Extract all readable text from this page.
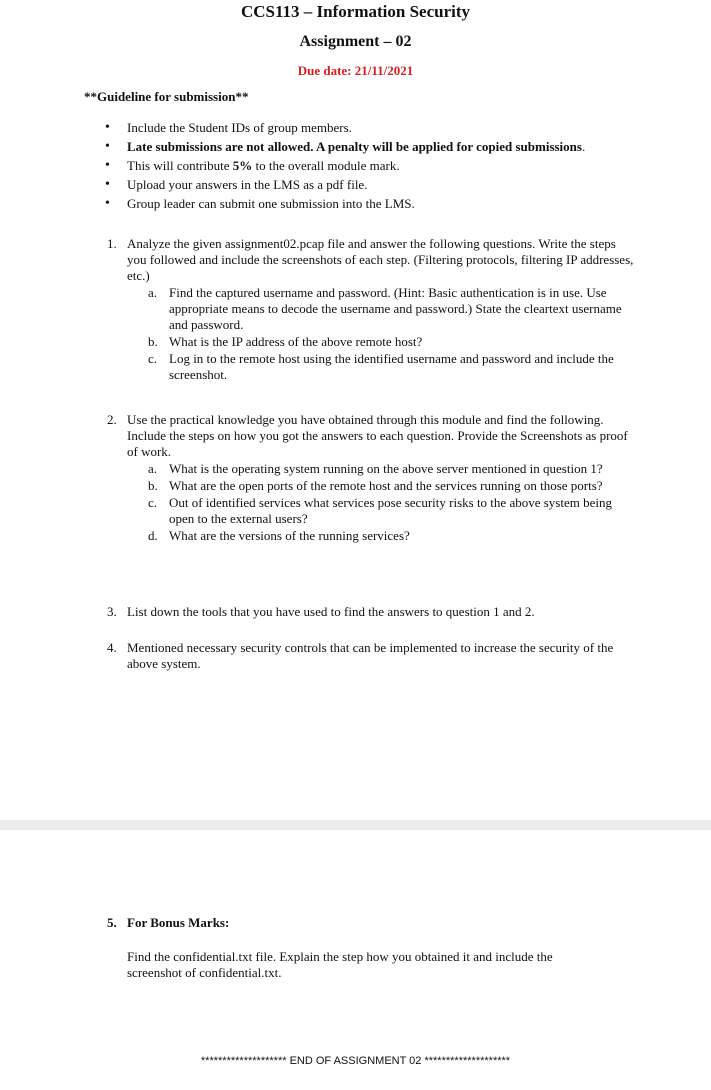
CCS113 – Information Security
Assignment – 02
Due date: 21/11/2021
**Guideline for submission**
• Include the Student IDs of group members.
• Late submissions are not allowed. A penalty will be applied for copied submissions.
• This will contribute 5% to the overall module mark.
• Upload your answers in the LMS as a pdf file.
• Group leader can submit one submission into the LMS.
1. Analyze the given assignment02.pcap file and answer the following questions. Write the steps you followed and include the screenshots of each step. (Filtering protocols, filtering IP addresses, etc.)
a. Find the captured username and password. (Hint: Basic authentication is in use. Use appropriate means to decode the username and password.) State the cleartext username and password.
b. What is the IP address of the above remote host?
c. Log in to the remote host using the identified username and password and include the screenshot.
2. Use the practical knowledge you have obtained through this module and find the following. Include the steps on how you got the answers to each question. Provide the Screenshots as proof of work.
a. What is the operating system running on the above server mentioned in question 1?
b. What are the open ports of the remote host and the services running on those ports?
c. Out of identified services what services pose security risks to the above system being open to the external users?
d. What are the versions of the running services?
3. List down the tools that you have used to find the answers to question 1 and 2.
4. Mentioned necessary security controls that can be implemented to increase the security of the above system.
5. For Bonus Marks:
Find the confidential.txt file. Explain the step how you obtained it and include the screenshot of confidential.txt.
******************** END OF ASSIGNMENT 02 ********************
